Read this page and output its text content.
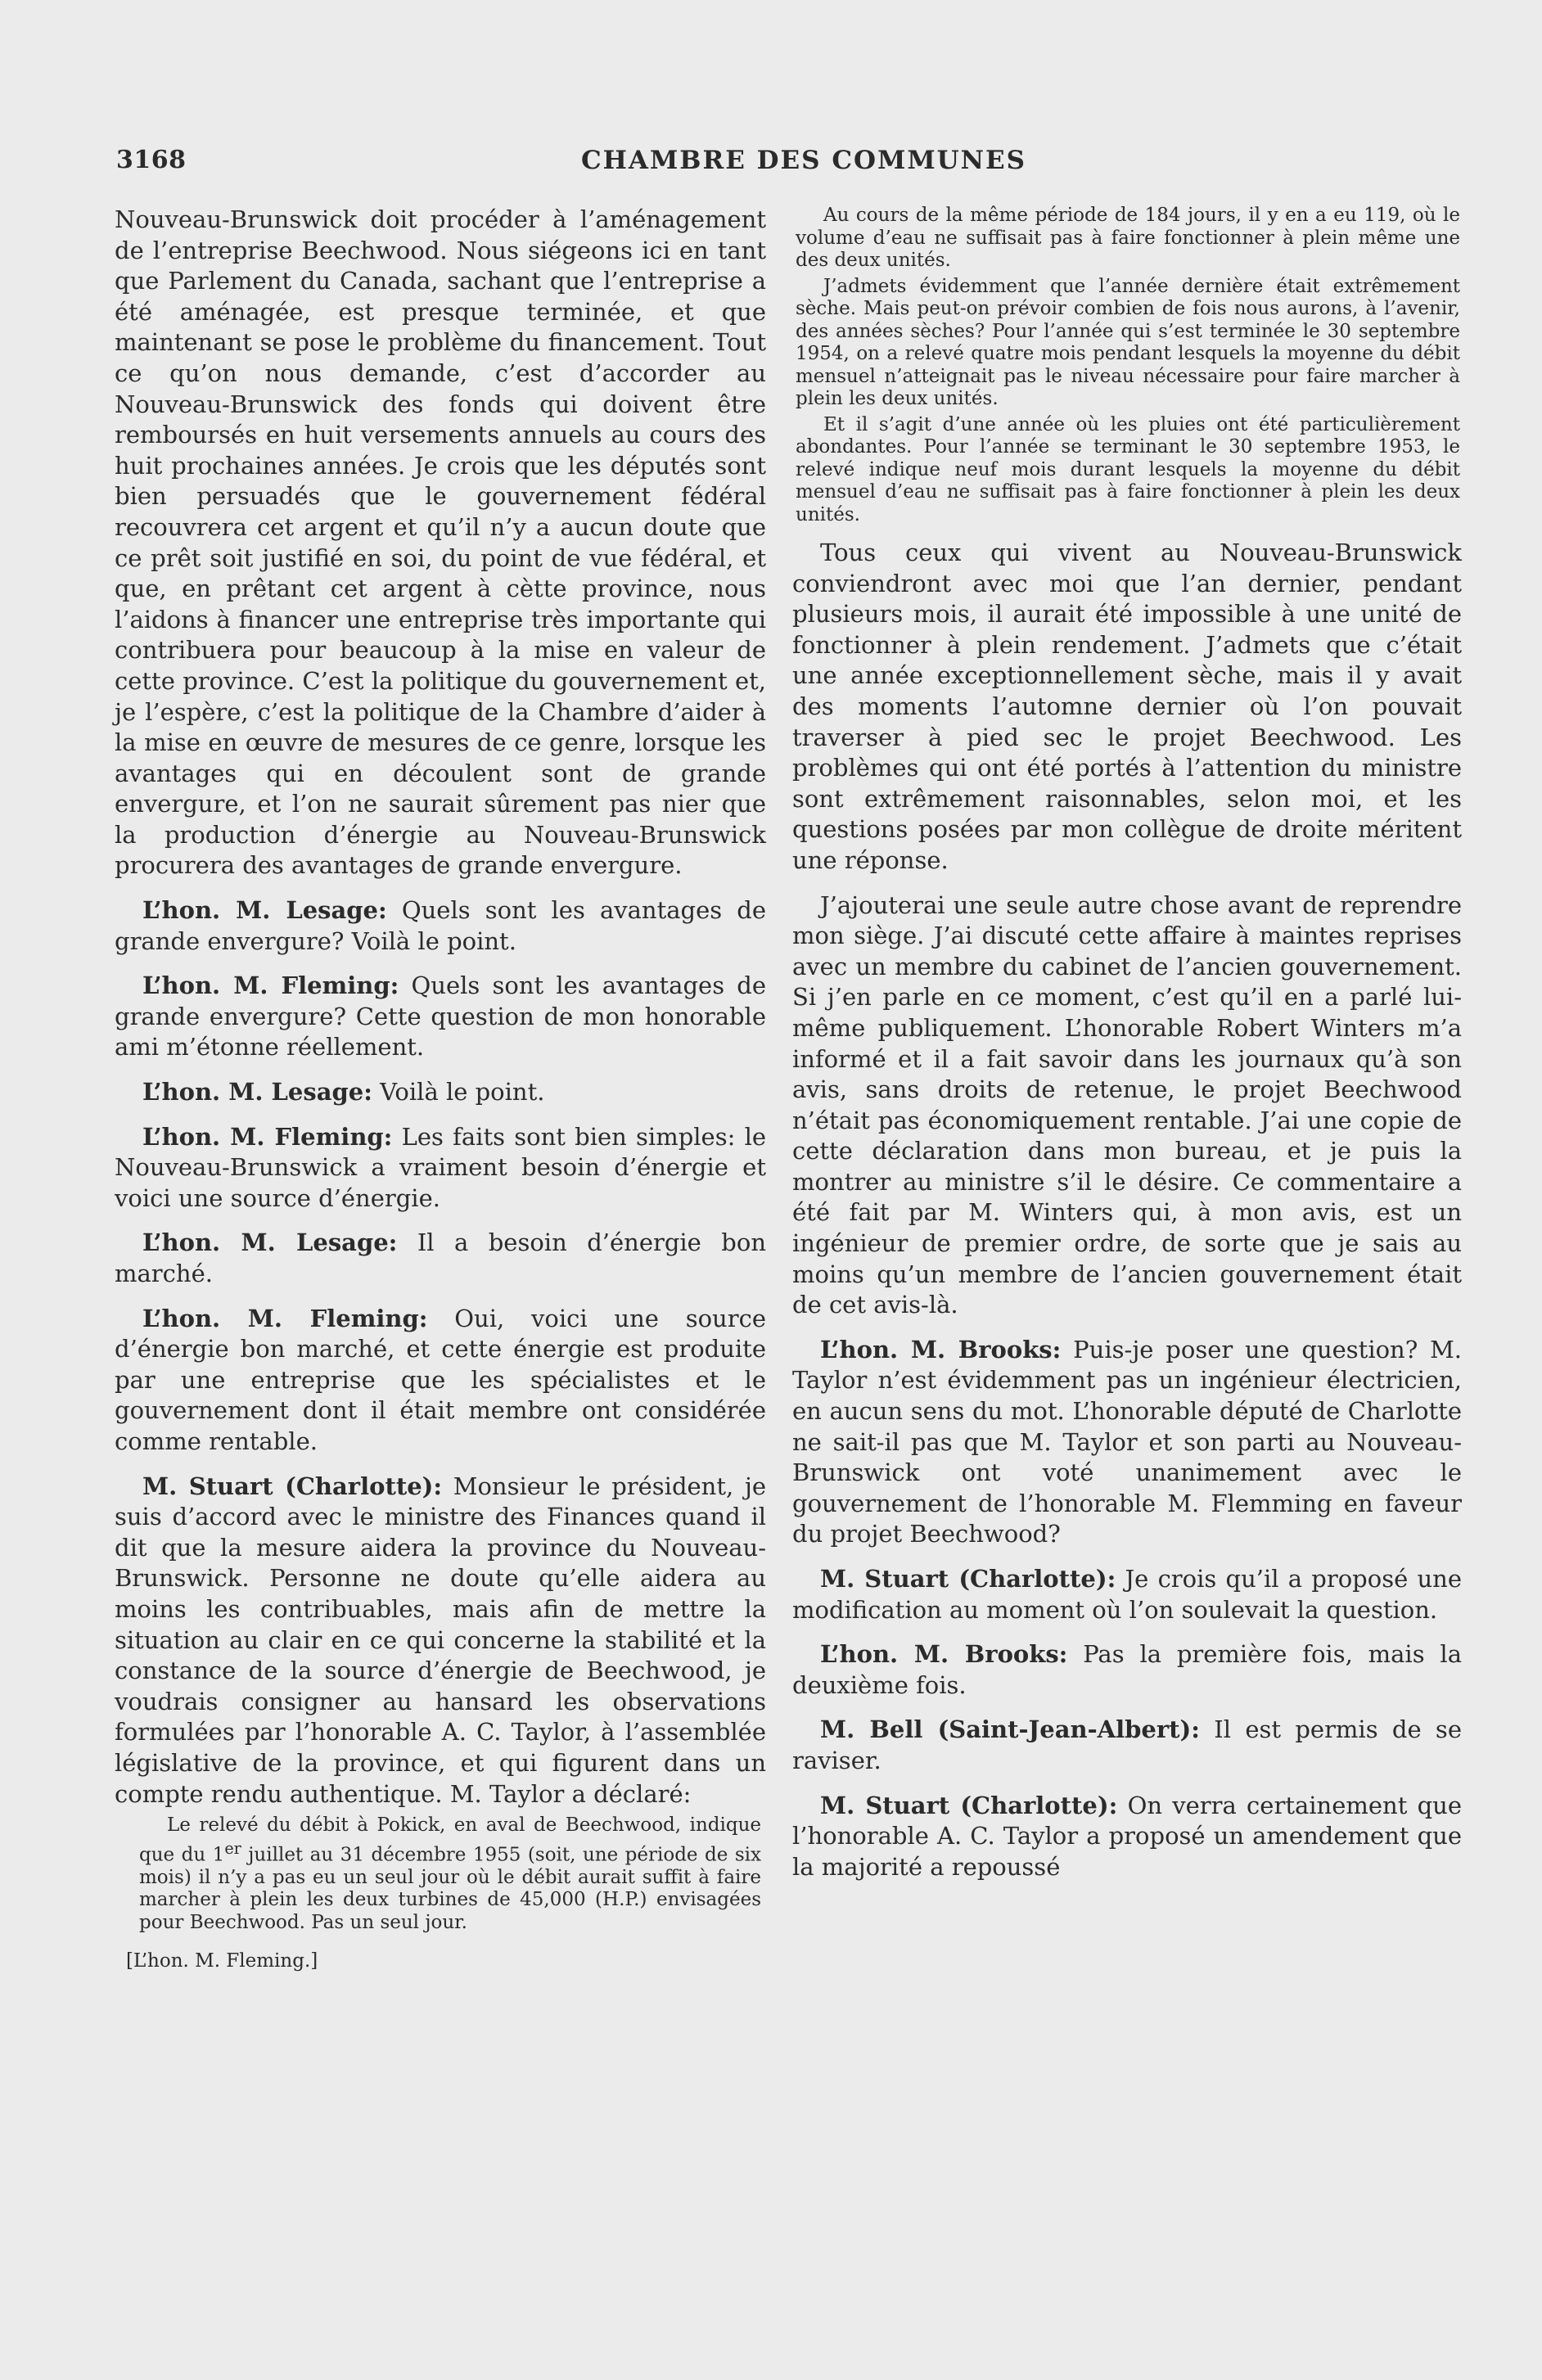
3168	CHAMBRE DES COMMUNES

Nouveau-Brunswick doit procéder à l’aménagement de l’entreprise Beechwood. Nous siégeons ici en tant que Parlement du Canada, sachant que l’entreprise a été aménagée, est presque terminée, et que maintenant se pose le problème du financement. Tout ce qu’on nous demande, c’est d’accorder au Nouveau-Brunswick des fonds qui doivent être remboursés en huit versements annuels au cours des huit prochaines années. Je crois que les députés sont bien persuadés que le gouvernement fédéral recouvrera cet argent et qu’il n’y a aucun doute que ce prêt soit justifié en soi, du point de vue fédéral, et que, en prêtant cet argent à cètte province, nous l’aidons à financer une entreprise très importante qui contribuera pour beaucoup à la mise en valeur de cette province. C’est la politique du gouvernement et, je l’espère, c’est la politique de la Chambre d’aider à la mise en œuvre de mesures de ce genre, lorsque les avantages qui en découlent sont de grande envergure, et l’on ne saurait sûrement pas nier que la production d’énergie au Nouveau-Brunswick procurera des avantages de grande envergure.

L’hon. M. Lesage: Quels sont les avantages de grande envergure? Voilà le point.

L’hon. M. Fleming: Quels sont les avantages de grande envergure? Cette question de mon honorable ami m’étonne réellement.

L’hon. M. Lesage: Voilà le point.

L’hon. M. Fleming: Les faits sont bien simples: le Nouveau-Brunswick a vraiment besoin d’énergie et voici une source d’énergie.

L’hon. M. Lesage: Il a besoin d’énergie bon marché.

L’hon. M. Fleming: Oui, voici une source d’énergie bon marché, et cette énergie est produite par une entreprise que les spécialistes et le gouvernement dont il était membre ont considérée comme rentable.

M. Stuart (Charlotte): Monsieur le président, je suis d’accord avec le ministre des Finances quand il dit que la mesure aidera la province du Nouveau-Brunswick. Personne ne doute qu’elle aidera au moins les contribuables, mais afin de mettre la situation au clair en ce qui concerne la stabilité et la constance de la source d’énergie de Beechwood, je voudrais consigner au hansard les observations formulées par l’honorable A. C. Taylor, à l’assemblée législative de la province, et qui figurent dans un compte rendu authentique. M. Taylor a déclaré:

Le relevé du débit à Pokick, en aval de Beechwood, indique que du 1er juillet au 31 décembre 1955 (soit, une période de six mois) il n’y a pas eu un seul jour où le débit aurait suffit à faire marcher à plein les deux turbines de 45,000 (H.P.) envisagées pour Beechwood. Pas un seul jour.

[L’hon. M. Fleming.]

Au cours de la même période de 184 jours, il y en a eu 119, où le volume d’eau ne suffisait pas à faire fonctionner à plein même une des deux unités.

J’admets évidemment que l’année dernière était extrêmement sèche. Mais peut-on prévoir combien de fois nous aurons, à l’avenir, des années sèches? Pour l’année qui s’est terminée le 30 septembre 1954, on a relevé quatre mois pendant lesquels la moyenne du débit mensuel n’atteignait pas le niveau nécessaire pour faire marcher à plein les deux unités.

Et il s’agit d’une année où les pluies ont été particulièrement abondantes. Pour l’année se terminant le 30 septembre 1953, le relevé indique neuf mois durant lesquels la moyenne du débit mensuel d’eau ne suffisait pas à faire fonctionner à plein les deux unités.

Tous ceux qui vivent au Nouveau-Brunswick conviendront avec moi que l’an dernier, pendant plusieurs mois, il aurait été impossible à une unité de fonctionner à plein rendement. J’admets que c’était une année exceptionnellement sèche, mais il y avait des moments l’automne dernier où l’on pouvait traverser à pied sec le projet Beechwood. Les problèmes qui ont été portés à l’attention du ministre sont extrêmement raisonnables, selon moi, et les questions posées par mon collègue de droite méritent une réponse.

J’ajouterai une seule autre chose avant de reprendre mon siège. J’ai discuté cette affaire à maintes reprises avec un membre du cabinet de l’ancien gouvernement. Si j’en parle en ce moment, c’est qu’il en a parlé lui-même publiquement. L’honorable Robert Winters m’a informé et il a fait savoir dans les journaux qu’à son avis, sans droits de retenue, le projet Beechwood n’était pas économiquement rentable. J’ai une copie de cette déclaration dans mon bureau, et je puis la montrer au ministre s’il le désire. Ce commentaire a été fait par M. Winters qui, à mon avis, est un ingénieur de premier ordre, de sorte que je sais au moins qu’un membre de l’ancien gouvernement était de cet avis-là.

L’hon. M. Brooks: Puis-je poser une question? M. Taylor n’est évidemment pas un ingénieur électricien, en aucun sens du mot. L’honorable député de Charlotte ne sait-il pas que M. Taylor et son parti au Nouveau-Brunswick ont voté unanimement avec le gouvernement de l’honorable M. Flemming en faveur du projet Beechwood?

M. Stuart (Charlotte): Je crois qu’il a proposé une modification au moment où l’on soulevait la question.

L’hon. M. Brooks: Pas la première fois, mais la deuxième fois.

M. Bell (Saint-Jean-Albert): Il est permis de se raviser.

M. Stuart (Charlotte): On verra certainement que l’honorable A. C. Taylor a proposé un amendement que la majorité a repoussé
